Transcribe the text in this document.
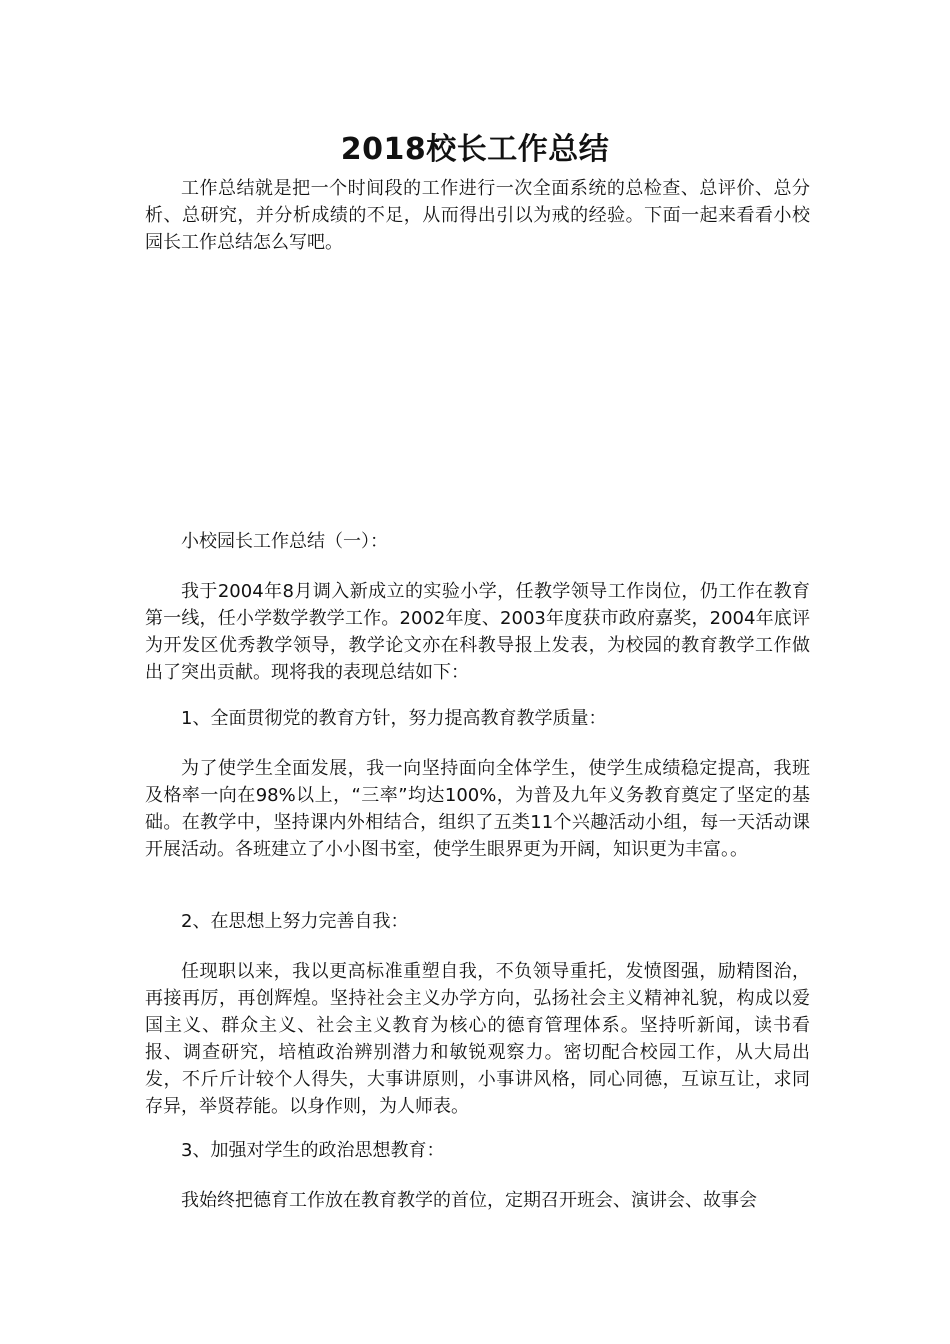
2018校长工作总结

工作总结就是把一个时间段的工作进行一次全面系统的总检查、总评价、总分析、总研究，并分析成绩的不足，从而得出引以为戒的经验。下面一起来看看小校园长工作总结怎么写吧。

小校园长工作总结（一）：

我于2004年8月调入新成立的实验小学，任教学领导工作岗位，仍工作在教育第一线，任小学数学教学工作。2002年度、2003年度获市政府嘉奖，2004年底评为开发区优秀教学领导，教学论文亦在科教导报上发表，为校园的教育教学工作做出了突出贡献。现将我的表现总结如下：

1、全面贯彻党的教育方针，努力提高教育教学质量：

为了使学生全面发展，我一向坚持面向全体学生，使学生成绩稳定提高，我班及格率一向在98%以上，“三率”均达100%，为普及九年义务教育奠定了坚定的基础。在教学中，坚持课内外相结合，组织了五类11个兴趣活动小组，每一天活动课开展活动。各班建立了小小图书室，使学生眼界更为开阔，知识更为丰富。。

2、在思想上努力完善自我：

任现职以来，我以更高标准重塑自我，不负领导重托，发愤图强，励精图治，再接再厉，再创辉煌。坚持社会主义办学方向，弘扬社会主义精神礼貌，构成以爱国主义、群众主义、社会主义教育为核心的德育管理体系。坚持听新闻，读书看报、调查研究，培植政治辨别潜力和敏锐观察力。密切配合校园工作，从大局出发，不斤斤计较个人得失，大事讲原则，小事讲风格，同心同德，互谅互让，求同存异，举贤荐能。以身作则，为人师表。

3、加强对学生的政治思想教育：

我始终把德育工作放在教育教学的首位，定期召开班会、演讲会、故事会
